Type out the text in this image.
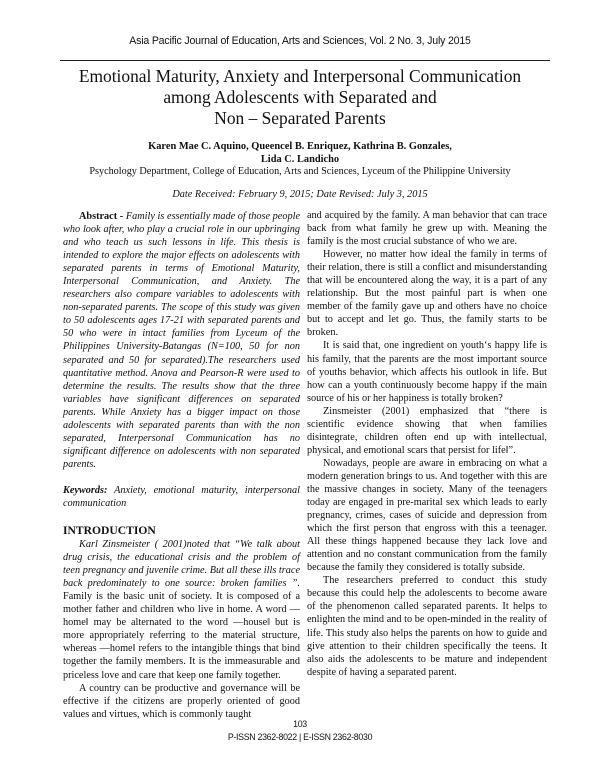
Asia Pacific Journal of Education, Arts and Sciences, Vol. 2 No. 3, July 2015
Emotional Maturity, Anxiety and Interpersonal Communication
among Adolescents with Separated and
Non – Separated Parents
Karen Mae C. Aquino, Queencel B. Enriquez, Kathrina B. Gonzales,
Lida C. Landicho
Psychology Department, College of Education, Arts and Sciences, Lyceum of the Philippine University
Date Received: February 9, 2015; Date Revised: July 3, 2015

Abstract - Family is essentially made of those people who look after, who play a crucial role in our upbringing and who teach us such lessons in life. This thesis is intended to explore the major effects on adolescents with separated parents in terms of Emotional Maturity, Interpersonal Communication, and Anxiety. The researchers also compare variables to adolescents with non-separated parents. The scope of this study was given to 50 adolescents ages 17-21 with separated parents and 50 who were in intact families from Lyceum of the Philippines University-Batangas (N=100, 50 for non separated and 50 for separated).The researchers used quantitative method. Anova and Pearson-R were used to determine the results. The results show that the three variables have significant differences on separated parents. While Anxiety has a bigger impact on those adolescents with separated parents than with the non separated, Interpersonal Communication has no significant difference on adolescents with non separated parents.

Keywords: Anxiety, emotional maturity, interpersonal communication

INTRODUCTION

Karl Zinsmeister ( 2001)noted that “We talk about drug crisis, the educational crisis and the problem of teen pregnancy and juvenile crime. But all these ills trace back predominately to one source: broken families ”. Family is the basic unit of society. It is composed of a mother father and children who live in home. A word —home‖ may be alternated to the word —house‖ but is more appropriately referring to the material structure, whereas —home‖ refers to the intangible things that bind together the family members. It is the immeasurable and priceless love and care that keep one family together.

A country can be productive and governance will be effective if the citizens are properly oriented of good values and virtues, which is commonly taught

and acquired by the family. A man behavior that can trace back from what family he grew up with. Meaning the family is the most crucial substance of who we are.

However, no matter how ideal the family in terms of their relation, there is still a conflict and misunderstanding that will be encountered along the way, it is a part of any relationship. But the most painful part is when one member of the family gave up and others have no choice but to accept and let go. Thus, the family starts to be broken.

It is said that, one ingredient on youth‘s happy life is his family, that the parents are the most important source of youths behavior, which affects his outlook in life. But how can a youth continuously become happy if the main source of his or her happiness is totally broken?

Zinsmeister (2001) emphasized that “there is scientific evidence showing that when families disintegrate, children often end up with intellectual, physical, and emotional scars that persist for life‖”.

Nowadays, people are aware in embracing on what a modern generation brings to us. And together with this are the massive changes in society. Many of the teenagers today are engaged in pre-marital sex which leads to early pregnancy, crimes, cases of suicide and depression from which the first person that engross with this a teenager. All these things happened because they lack love and attention and no constant communication from the family because the family they considered is totally subside.

The researchers preferred to conduct this study because this could help the adolescents to become aware of the phenomenon called separated parents. It helps to enlighten the mind and to be open-minded in the reality of life. This study also helps the parents on how to guide and give attention to their children specifically the teens. It also aids the adolescents to be mature and independent despite of having a separated parent.

103
P-ISSN 2362-8022 | E-ISSN 2362-8030
